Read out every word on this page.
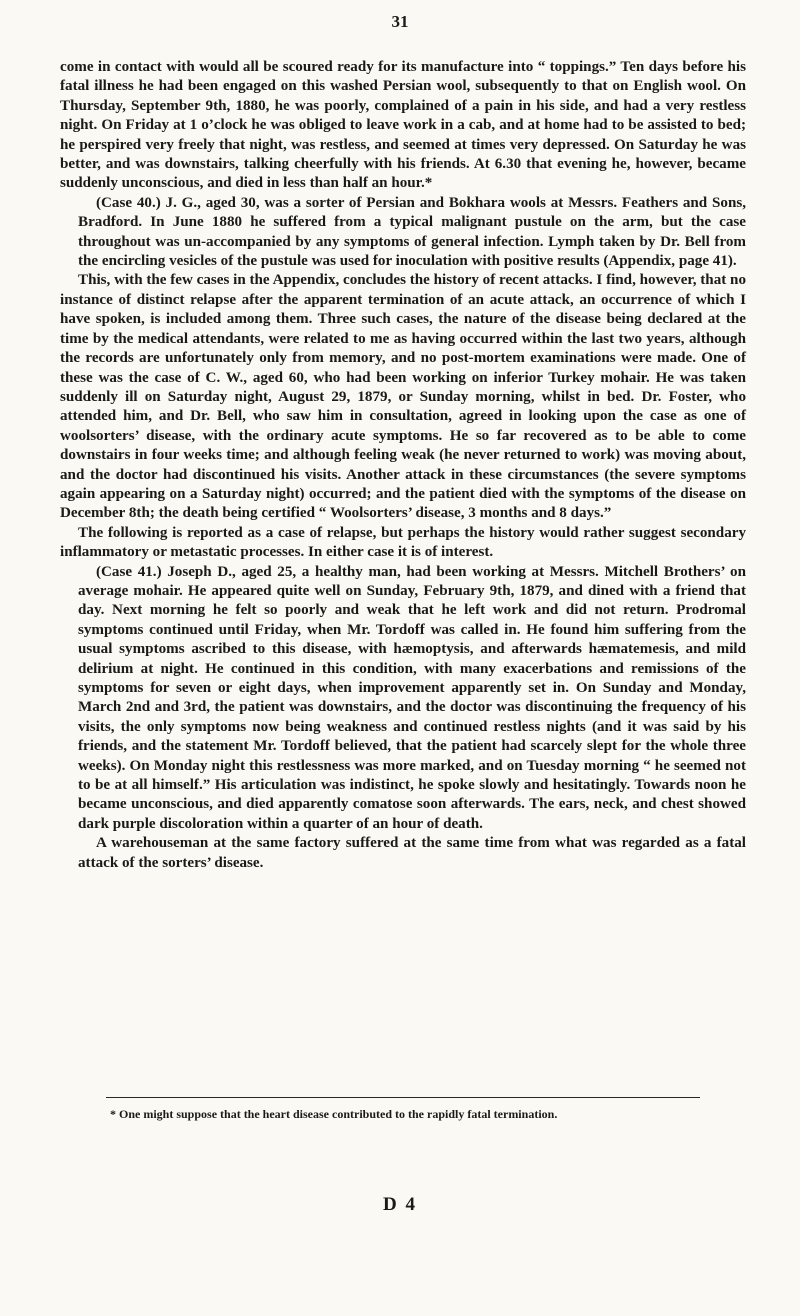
31

come in contact with would all be scoured ready for its manufacture into “ toppings.” Ten days before his fatal illness he had been engaged on this washed Persian wool, subsequently to that on English wool. On Thursday, September 9th, 1880, he was poorly, complained of a pain in his side, and had a very restless night. On Friday at 1 o’clock he was obliged to leave work in a cab, and at home had to be assisted to bed; he perspired very freely that night, was restless, and seemed at times very depressed. On Saturday he was better, and was downstairs, talking cheerfully with his friends. At 6.30 that evening he, however, became suddenly unconscious, and died in less than half an hour.*

(Case 40.) J. G., aged 30, was a sorter of Persian and Bokhara wools at Messrs. Feathers and Sons, Bradford. In June 1880 he suffered from a typical malignant pustule on the arm, but the case throughout was un-accompanied by any symptoms of general infection. Lymph taken by Dr. Bell from the encircling vesicles of the pustule was used for inoculation with positive results (Appendix, page 41).

This, with the few cases in the Appendix, concludes the history of recent attacks. I find, however, that no instance of distinct relapse after the apparent termination of an acute attack, an occurrence of which I have spoken, is included among them. Three such cases, the nature of the disease being declared at the time by the medical attendants, were related to me as having occurred within the last two years, although the records are unfortunately only from memory, and no post-mortem examinations were made. One of these was the case of C. W., aged 60, who had been working on inferior Turkey mohair. He was taken suddenly ill on Saturday night, August 29, 1879, or Sunday morning, whilst in bed. Dr. Foster, who attended him, and Dr. Bell, who saw him in consultation, agreed in looking upon the case as one of woolsorters’ disease, with the ordinary acute symptoms. He so far recovered as to be able to come downstairs in four weeks time; and although feeling weak (he never returned to work) was moving about, and the doctor had discontinued his visits. Another attack in these circumstances (the severe symptoms again appearing on a Saturday night) occurred; and the patient died with the symptoms of the disease on December 8th; the death being certified “ Woolsorters’ disease, 3 months and 8 days.”

The following is reported as a case of relapse, but perhaps the history would rather suggest secondary inflammatory or metastatic processes. In either case it is of interest.

(Case 41.) Joseph D., aged 25, a healthy man, had been working at Messrs. Mitchell Brothers’ on average mohair. He appeared quite well on Sunday, February 9th, 1879, and dined with a friend that day. Next morning he felt so poorly and weak that he left work and did not return. Prodromal symptoms continued until Friday, when Mr. Tordoff was called in. He found him suffering from the usual symptoms ascribed to this disease, with hæmoptysis, and afterwards hæmatemesis, and mild delirium at night. He continued in this condition, with many exacerbations and remissions of the symptoms for seven or eight days, when improvement apparently set in. On Sunday and Monday, March 2nd and 3rd, the patient was downstairs, and the doctor was discontinuing the frequency of his visits, the only symptoms now being weakness and continued restless nights (and it was said by his friends, and the statement Mr. Tordoff believed, that the patient had scarcely slept for the whole three weeks). On Monday night this restlessness was more marked, and on Tuesday morning “ he seemed not to be at all himself.” His articulation was indistinct, he spoke slowly and hesitatingly. Towards noon he became unconscious, and died apparently comatose soon afterwards. The ears, neck, and chest showed dark purple discoloration within a quarter of an hour of death.

A warehouseman at the same factory suffered at the same time from what was regarded as a fatal attack of the sorters’ disease.

* One might suppose that the heart disease contributed to the rapidly fatal termination.
D 4
